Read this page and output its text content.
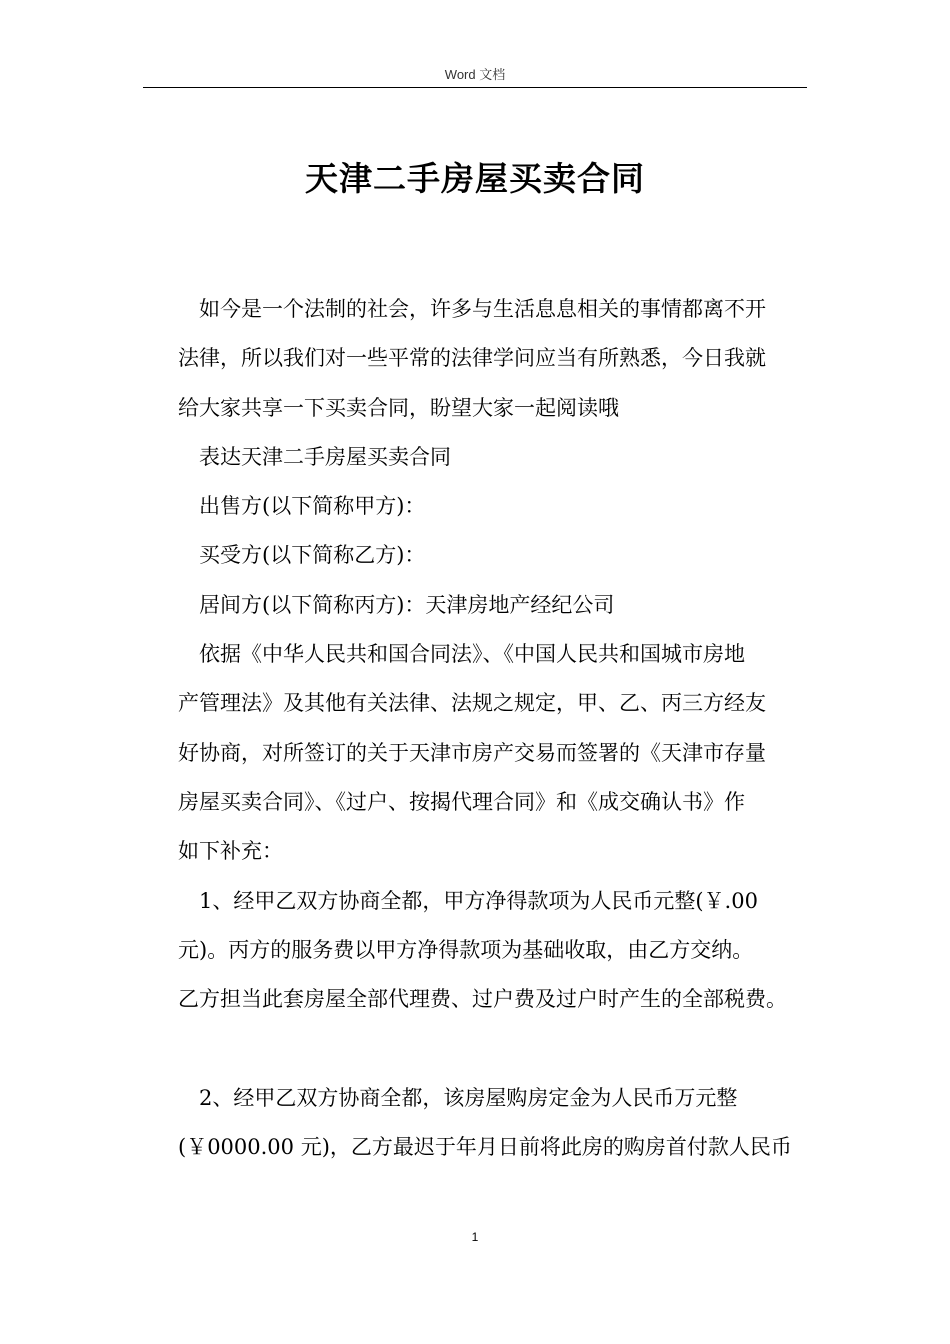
Word 文档
天津二手房屋买卖合同
如今是一个法制的社会，许多与生活息息相关的事情都离不开
法律，所以我们对一些平常的法律学问应当有所熟悉，今日我就
给大家共享一下买卖合同，盼望大家一起阅读哦
表达天津二手房屋买卖合同
出售方(以下简称甲方)：
买受方(以下简称乙方)：
居间方(以下简称丙方)：天津房地产经纪公司
依据《中华人民共和国合同法》、《中国人民共和国城市房地
产管理法》及其他有关法律、法规之规定，甲、乙、丙三方经友
好协商，对所签订的关于天津市房产交易而签署的《天津市存量
房屋买卖合同》、《过户、按揭代理合同》和《成交确认书》作
如下补充：
1、经甲乙双方协商全都，甲方净得款项为人民币元整(￥.00
元)。丙方的服务费以甲方净得款项为基础收取，由乙方交纳。
乙方担当此套房屋全部代理费、过户费及过户时产生的全部税费。
2、经甲乙双方协商全都，该房屋购房定金为人民币万元整
(￥0000.00 元)，乙方最迟于年月日前将此房的购房首付款人民币
1
